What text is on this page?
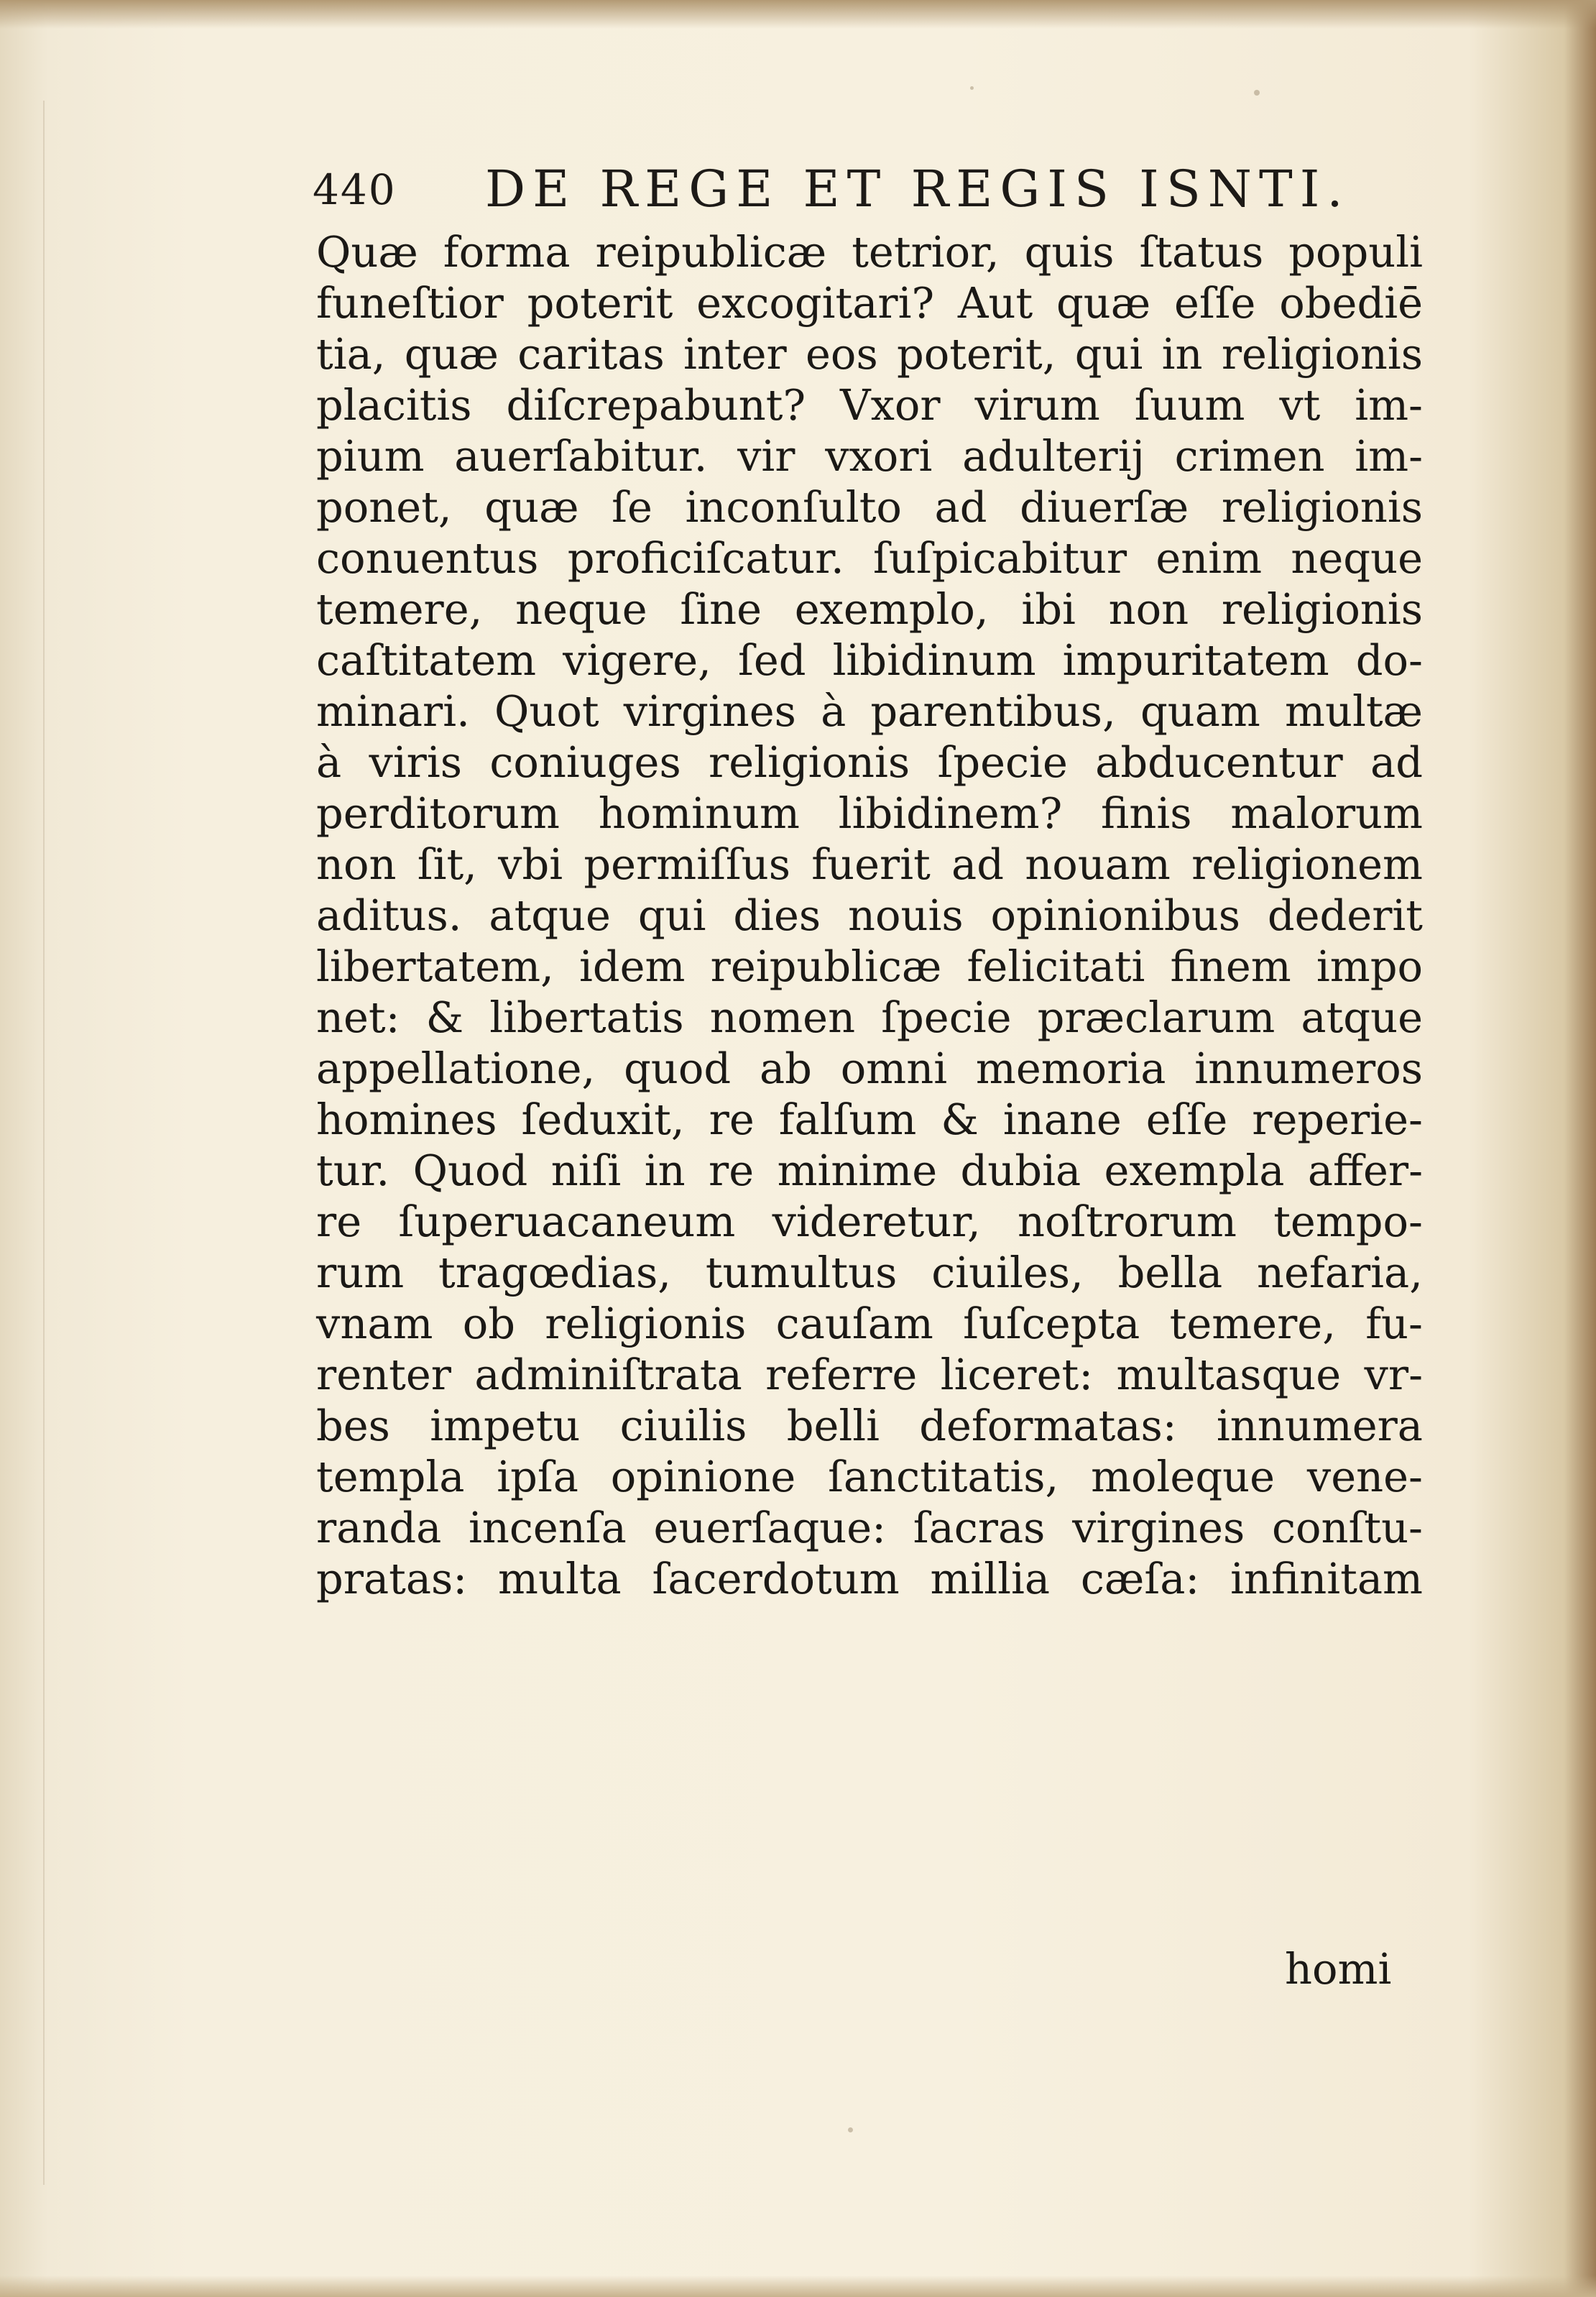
440 DE REGE ET REGIS ISNTI.
Quæ forma reipublicæ tetrior, quis ſtatus populi
funeſtior poterit excogitari? Aut quæ eſſe obediē
tia, quæ caritas inter eos poterit, qui in religionis
placitis diſcrepabunt? Vxor virum ſuum vt im-
pium auerſabitur. vir vxori adulterij crimen im-
ponet, quæ ſe inconſulto ad diuerſæ religionis
conuentus proficiſcatur. ſuſpicabitur enim neque
temere, neque ſine exemplo, ibi non religionis
caſtitatem vigere, ſed libidinum impuritatem do-
minari. Quot virgines à parentibus, quam multæ
à viris coniuges religionis ſpecie abducentur ad
perditorum hominum libidinem? finis malorum
non ſit, vbi permiſſus fuerit ad nouam religionem
aditus. atque qui dies nouis opinionibus dederit
libertatem, idem reipublicæ felicitati finem impo
net: & libertatis nomen ſpecie præclarum atque
appellatione, quod ab omni memoria innumeros
homines ſeduxit, re falſum & inane eſſe reperie-
tur. Quod niſi in re minime dubia exempla affer-
re ſuperuacaneum videretur, noſtrorum tempo-
rum tragœdias, tumultus ciuiles, bella nefaria,
vnam ob religionis cauſam ſuſcepta temere, fu-
renter adminiſtrata referre liceret: multasque vr-
bes impetu ciuilis belli deformatas: innumera
templa ipſa opinione ſanctitatis, moleque vene-
randa incenſa euerſaque: ſacras virgines conſtu-
pratas: multa ſacerdotum millia cæſa: infinitam
homi
